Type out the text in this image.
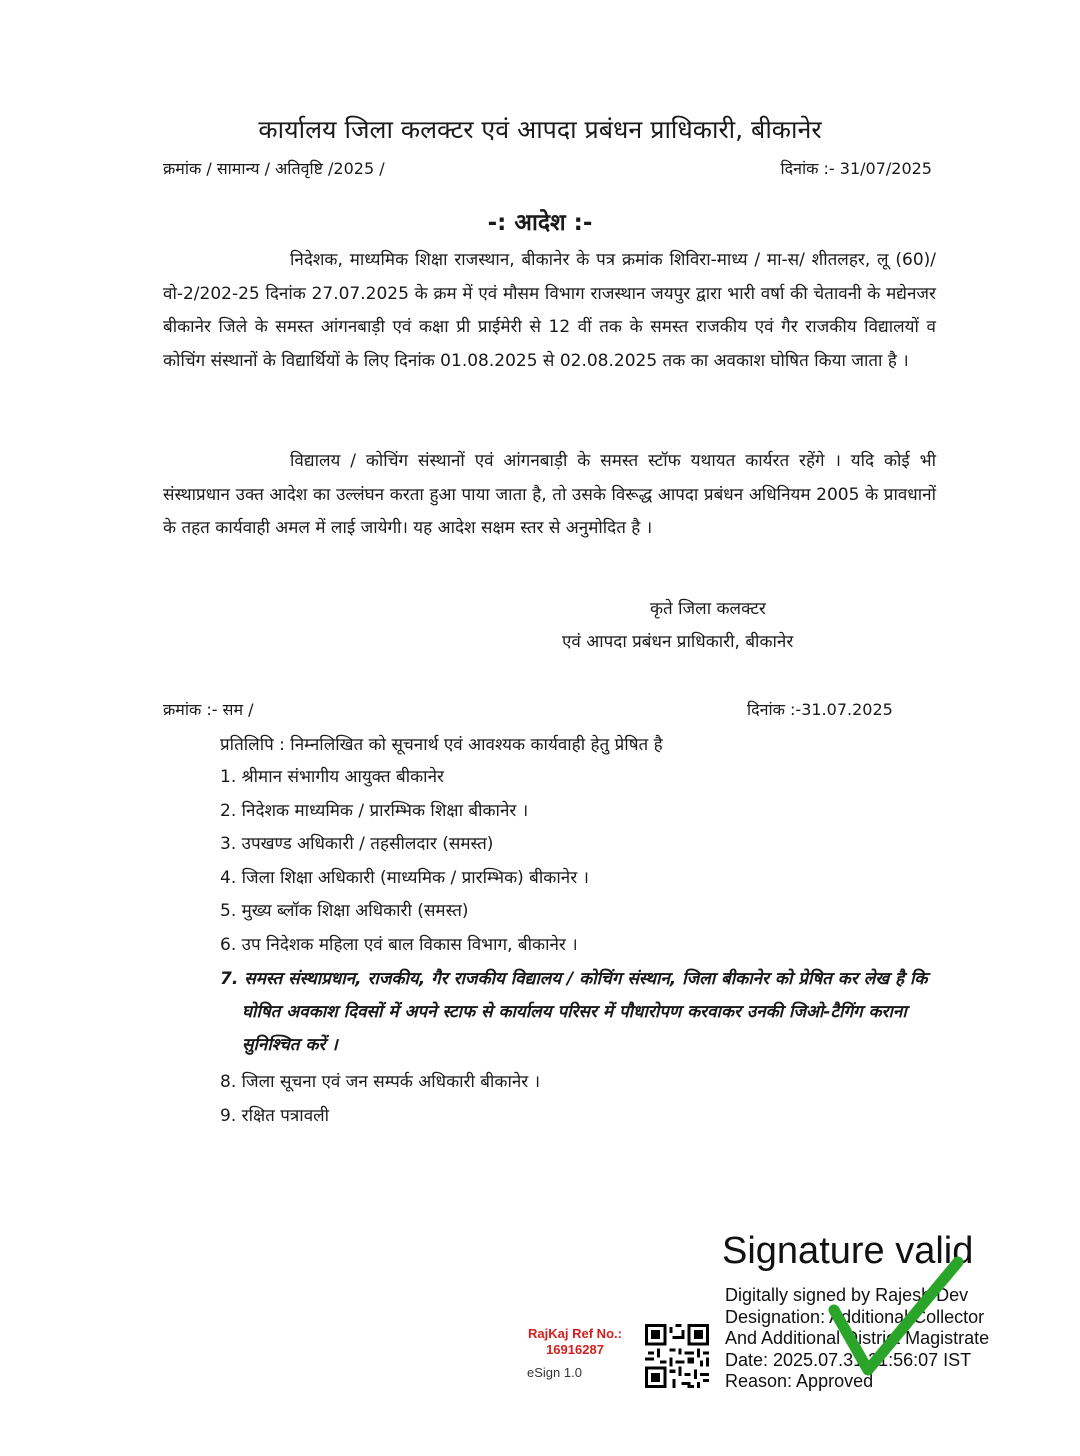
कार्यालय जिला कलक्टर एवं आपदा प्रबंधन प्राधिकारी, बीकानेर
क्रमांक / सामान्य / अतिवृष्टि /2025 /	दिनांक :- 31/07/2025
-: आदेश :-
निदेशक, माध्यमिक शिक्षा राजस्थान, बीकानेर के पत्र क्रमांक शिविरा-माध्य / मा-स/ शीतलहर, लू (60)/वो-2/202-25 दिनांक 27.07.2025 के क्रम में एवं मौसम विभाग राजस्थान जयपुर द्वारा भारी वर्षा की चेतावनी के मद्येनजर बीकानेर जिले के समस्त आंगनबाड़ी एवं कक्षा प्री प्राईमेरी से 12 वीं तक के समस्त राजकीय एवं गैर राजकीय विद्यालयों व कोचिंग संस्थानों के विद्यार्थियों के लिए दिनांक 01.08.2025 से 02.08.2025 तक का अवकाश घोषित किया जाता है ।
विद्यालय / कोचिंग संस्थानों एवं आंगनबाड़ी के समस्त स्टॉफ यथायत कार्यरत रहेंगे । यदि कोई भी संस्थाप्रधान उक्त आदेश का उल्लंघन करता हुआ पाया जाता है, तो उसके विरूद्ध आपदा प्रबंधन अधिनियम 2005 के प्रावधानों के तहत कार्यवाही अमल में लाई जायेगी। यह आदेश सक्षम स्तर से अनुमोदित है ।
कृते जिला कलक्टर
एवं आपदा प्रबंधन प्राधिकारी, बीकानेर
क्रमांक :- सम /	दिनांक :-31.07.2025
प्रतिलिपि : निम्नलिखित को सूचनार्थ एवं आवश्यक कार्यवाही हेतु प्रेषित है
1. श्रीमान संभागीय आयुक्त बीकानेर
2. निदेशक माध्यमिक / प्रारम्भिक शिक्षा बीकानेर ।
3. उपखण्ड अधिकारी / तहसीलदार (समस्त)
4. जिला शिक्षा अधिकारी (माध्यमिक / प्रारम्भिक) बीकानेर ।
5. मुख्य ब्लॉक शिक्षा अधिकारी (समस्त)
6. उप निदेशक महिला एवं बाल विकास विभाग, बीकानेर ।
7. समस्त संस्थाप्रधान, राजकीय, गैर राजकीय विद्यालय / कोचिंग संस्थान, जिला बीकानेर को प्रेषित कर लेख है कि घोषित अवकाश दिवसों में अपने स्टाफ से कार्यालय परिसर में पौधारोपण करवाकर उनकी जिओ-टैगिंग कराना सुनिश्चित करें ।
8. जिला सूचना एवं जन सम्पर्क अधिकारी बीकानेर ।
9. रक्षित पत्रावली
Signature valid
Digitally signed by Rajesh Dev
Designation: Additional Collector
And Additional District Magistrate
Date: 2025.07.31 21:56:07 IST
Reason: Approved
RajKaj Ref No.:
16916287
eSign 1.0
